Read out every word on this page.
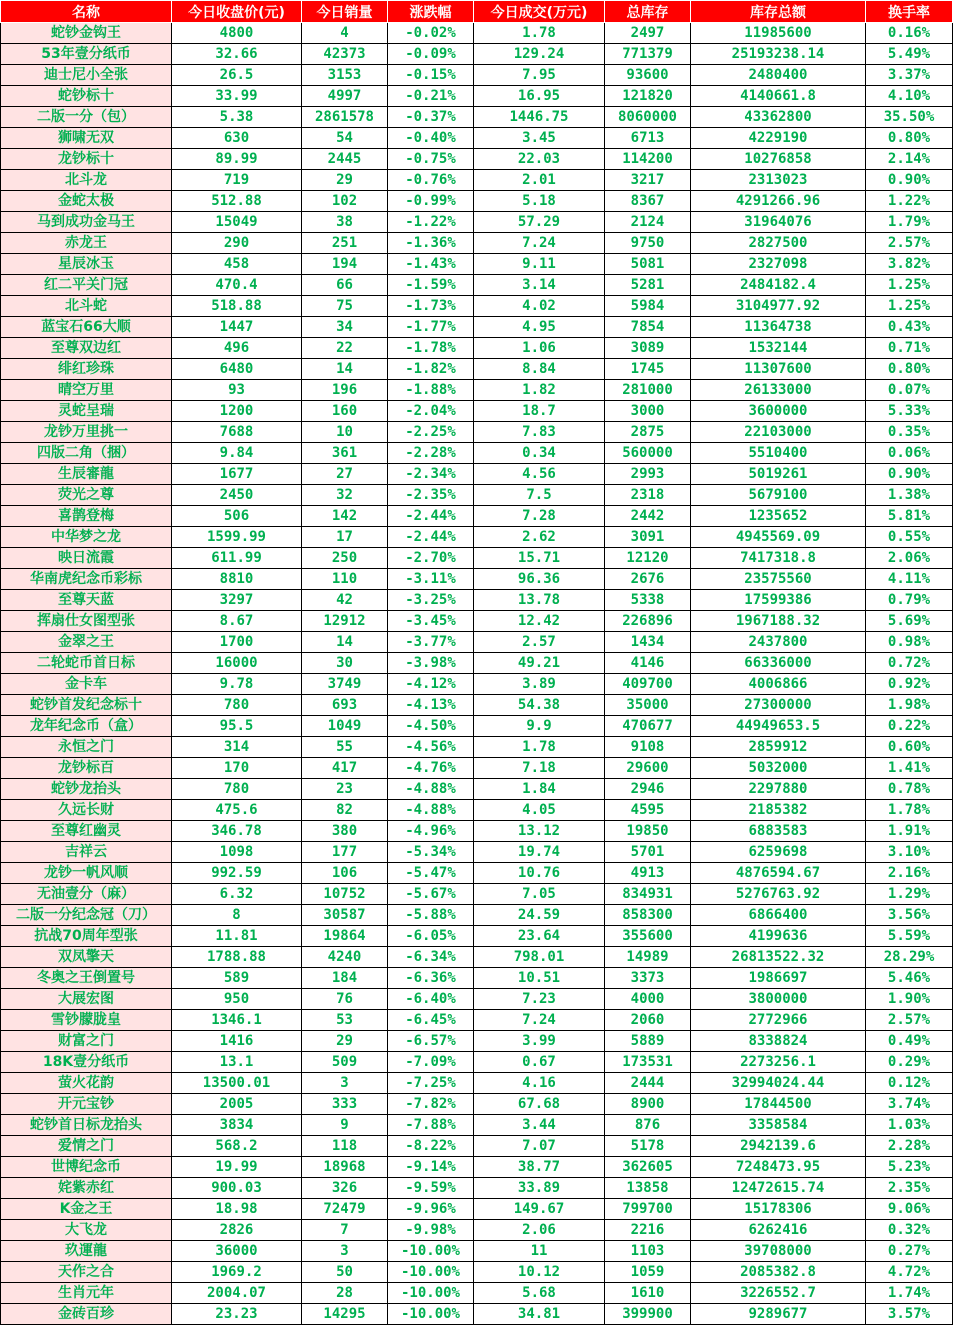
名称	今日收盘价(元)	今日销量	涨跌幅	今日成交(万元)	总库存	库存总额	换手率
蛇钞金钩王	4800	4	-0.02%	1.78	2497	11985600	0.16%
53年壹分纸币	32.66	42373	-0.09%	129.24	771379	25193238.14	5.49%
迪士尼小全张	26.5	3153	-0.15%	7.95	93600	2480400	3.37%
蛇钞标十	33.99	4997	-0.21%	16.95	121820	4140661.8	4.10%
二版一分（包）	5.38	2861578	-0.37%	1446.75	8060000	43362800	35.50%
狮啸无双	630	54	-0.40%	3.45	6713	4229190	0.80%
龙钞标十	89.99	2445	-0.75%	22.03	114200	10276858	2.14%
北斗龙	719	29	-0.76%	2.01	3217	2313023	0.90%
金蛇太极	512.88	102	-0.99%	5.18	8367	4291266.96	1.22%
马到成功金马王	15049	38	-1.22%	57.29	2124	31964076	1.79%
赤龙王	290	251	-1.36%	7.24	9750	2827500	2.57%
星辰冰玉	458	194	-1.43%	9.11	5081	2327098	3.82%
红二平关门冠	470.4	66	-1.59%	3.14	5281	2484182.4	1.25%
北斗蛇	518.88	75	-1.73%	4.02	5984	3104977.92	1.25%
蓝宝石66大顺	1447	34	-1.77%	4.95	7854	11364738	0.43%
至尊双边红	496	22	-1.78%	1.06	3089	1532144	0.71%
绯红珍珠	6480	14	-1.82%	8.84	1745	11307600	0.80%
晴空万里	93	196	-1.88%	1.82	281000	26133000	0.07%
灵蛇呈瑞	1200	160	-2.04%	18.7	3000	3600000	5.33%
龙钞万里挑一	7688	10	-2.25%	7.83	2875	22103000	0.35%
四版二角（捆）	9.84	361	-2.28%	0.34	560000	5510400	0.06%
生辰審龍	1677	27	-2.34%	4.56	2993	5019261	0.90%
荧光之尊	2450	32	-2.35%	7.5	2318	5679100	1.38%
喜鹊登梅	506	142	-2.44%	7.28	2442	1235652	5.81%
中华梦之龙	1599.99	17	-2.44%	2.62	3091	4945569.09	0.55%
映日流霞	611.99	250	-2.70%	15.71	12120	7417318.8	2.06%
华南虎纪念币彩标	8810	110	-3.11%	96.36	2676	23575560	4.11%
至尊天蓝	3297	42	-3.25%	13.78	5338	17599386	0.79%
挥扇仕女图型张	8.67	12912	-3.45%	12.42	226896	1967188.32	5.69%
金翠之王	1700	14	-3.77%	2.57	1434	2437800	0.98%
二轮蛇币首日标	16000	30	-3.98%	49.21	4146	66336000	0.72%
金卡车	9.78	3749	-4.12%	3.89	409700	4006866	0.92%
蛇钞首发纪念标十	780	693	-4.13%	54.38	35000	27300000	1.98%
龙年纪念币（盒）	95.5	1049	-4.50%	9.9	470677	44949653.5	0.22%
永恒之门	314	55	-4.56%	1.78	9108	2859912	0.60%
龙钞标百	170	417	-4.76%	7.18	29600	5032000	1.41%
蛇钞龙抬头	780	23	-4.88%	1.84	2946	2297880	0.78%
久远长财	475.6	82	-4.88%	4.05	4595	2185382	1.78%
至尊红幽灵	346.78	380	-4.96%	13.12	19850	6883583	1.91%
吉祥云	1098	177	-5.34%	19.74	5701	6259698	3.10%
龙钞一帆风顺	992.59	106	-5.47%	10.76	4913	4876594.67	2.16%
无油壹分（麻）	6.32	10752	-5.67%	7.05	834931	5276763.92	1.29%
二版一分纪念冠（刀）	8	30587	-5.88%	24.59	858300	6866400	3.56%
抗战70周年型张	11.81	19864	-6.05%	23.64	355600	4199636	5.59%
双凤擎天	1788.88	4240	-6.34%	798.01	14989	26813522.32	28.29%
冬奥之王倒置号	589	184	-6.36%	10.51	3373	1986697	5.46%
大展宏图	950	76	-6.40%	7.23	4000	3800000	1.90%
雪钞朦胧皇	1346.1	53	-6.45%	7.24	2060	2772966	2.57%
财富之门	1416	29	-6.57%	3.99	5889	8338824	0.49%
18K壹分纸币	13.1	509	-7.09%	0.67	173531	2273256.1	0.29%
萤火花韵	13500.01	3	-7.25%	4.16	2444	32994024.44	0.12%
开元宝钞	2005	333	-7.82%	67.68	8900	17844500	3.74%
蛇钞首日标龙抬头	3834	9	-7.88%	3.44	876	3358584	1.03%
爱情之门	568.2	118	-8.22%	7.07	5178	2942139.6	2.28%
世博纪念币	19.99	18968	-9.14%	38.77	362605	7248473.95	5.23%
姹紫赤红	900.03	326	-9.59%	33.89	13858	12472615.74	2.35%
K金之王	18.98	72479	-9.96%	149.67	799700	15178306	9.06%
大飞龙	2826	7	-9.98%	2.06	2216	6262416	0.32%
玖運龍	36000	3	-10.00%	11	1103	39708000	0.27%
天作之合	1969.2	50	-10.00%	10.12	1059	2085382.8	4.72%
生肖元年	2004.07	28	-10.00%	5.68	1610	3226552.7	1.74%
金砖百珍	23.23	14295	-10.00%	34.81	399900	9289677	3.57%
